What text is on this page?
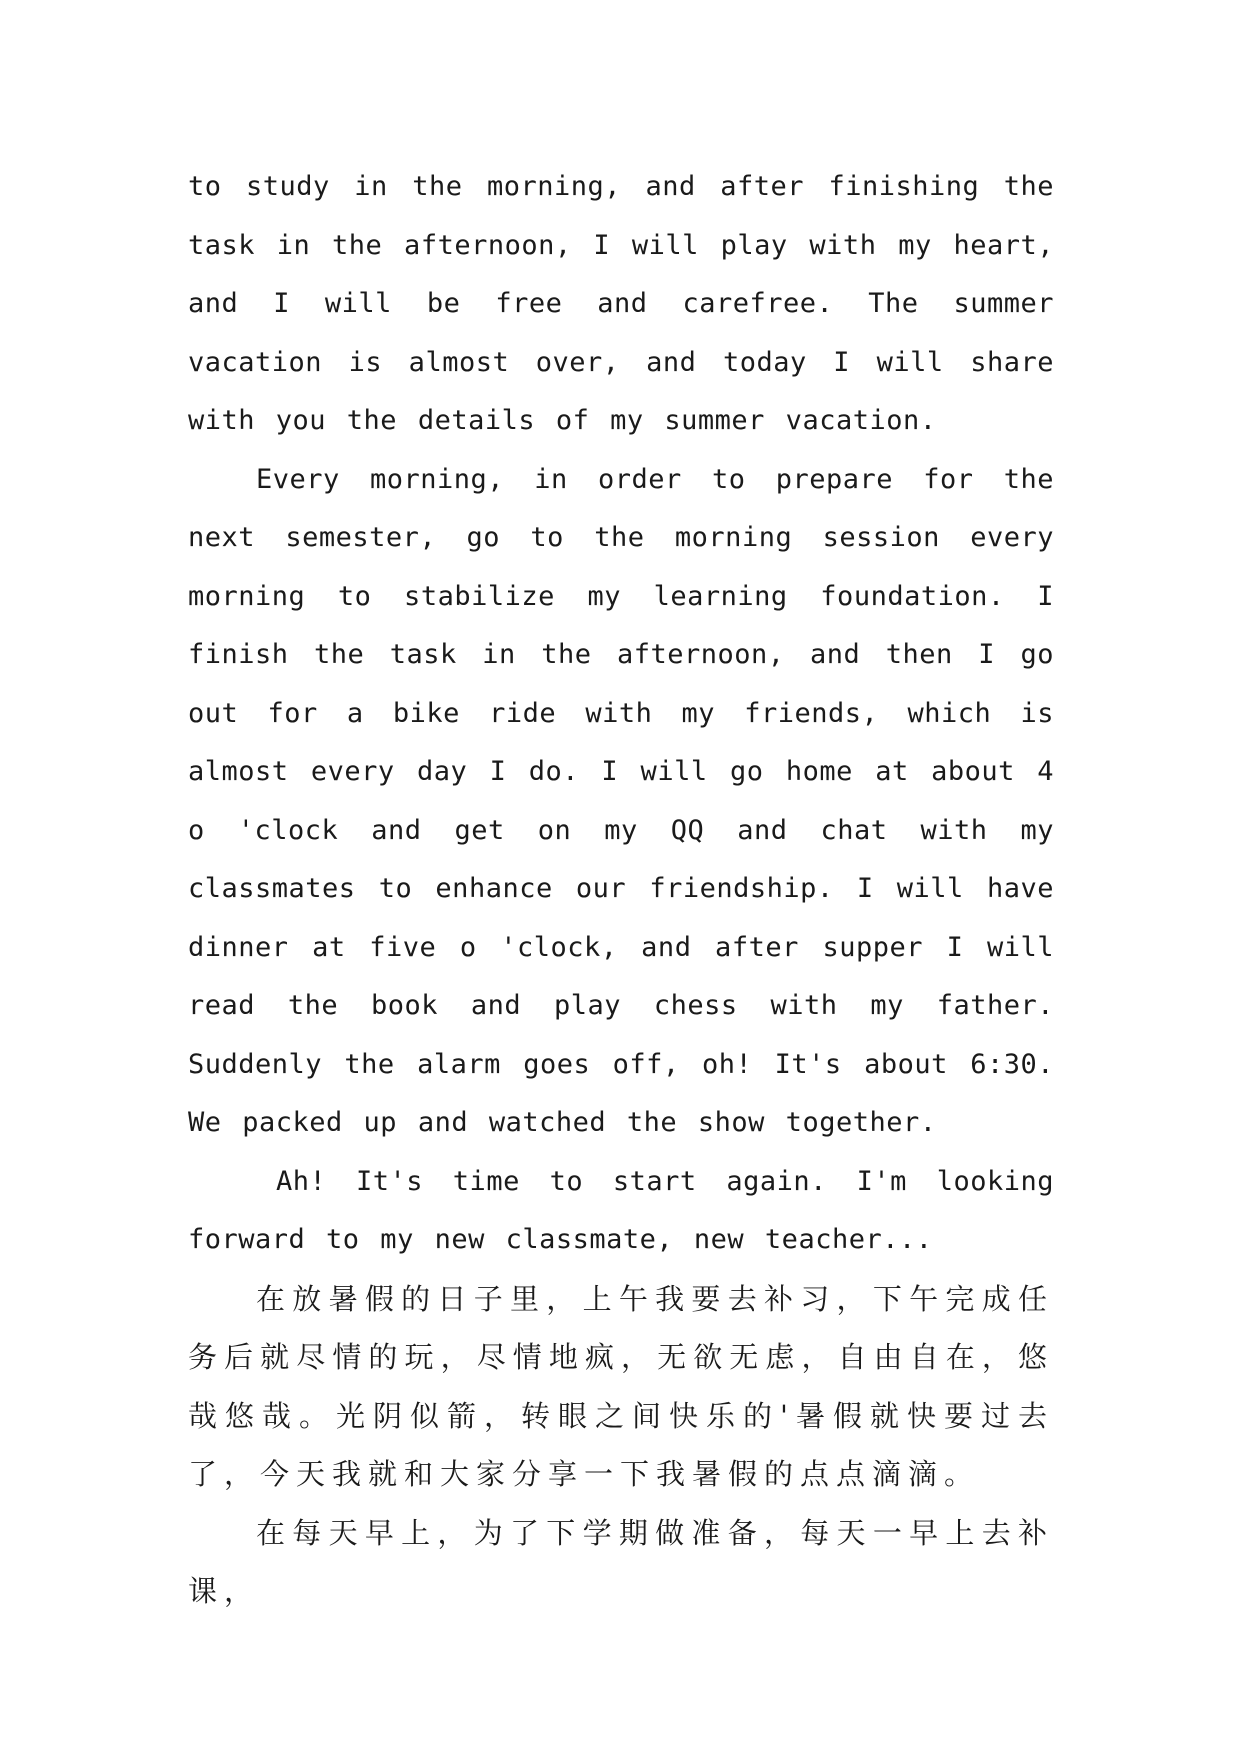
to study in the morning, and after finishing the task in the afternoon, I will play with my heart, and I will be free and carefree. The summer vacation is almost over, and today I will share with you the details of my summer vacation.

Every morning, in order to prepare for the next semester, go to the morning session every morning to stabilize my learning foundation. I finish the task in the afternoon, and then I go out for a bike ride with my friends, which is almost every day I do. I will go home at about 4 o 'clock and get on my QQ and chat with my classmates to enhance our friendship. I will have dinner at five o 'clock, and after supper I will read the book and play chess with my father. Suddenly the alarm goes off, oh! It's about 6:30. We packed up and watched the show together.

Ah! It's time to start again. I'm looking forward to my new classmate, new teacher...

在放暑假的日子里，上午我要去补习，下午完成任务后就尽情的玩，尽情地疯，无欲无虑，自由自在，悠哉悠哉。光阴似箭，转眼之间快乐的'暑假就快要过去了，今天我就和大家分享一下我暑假的点点滴滴。

在每天早上，为了下学期做准备，每天一早上去补课，
